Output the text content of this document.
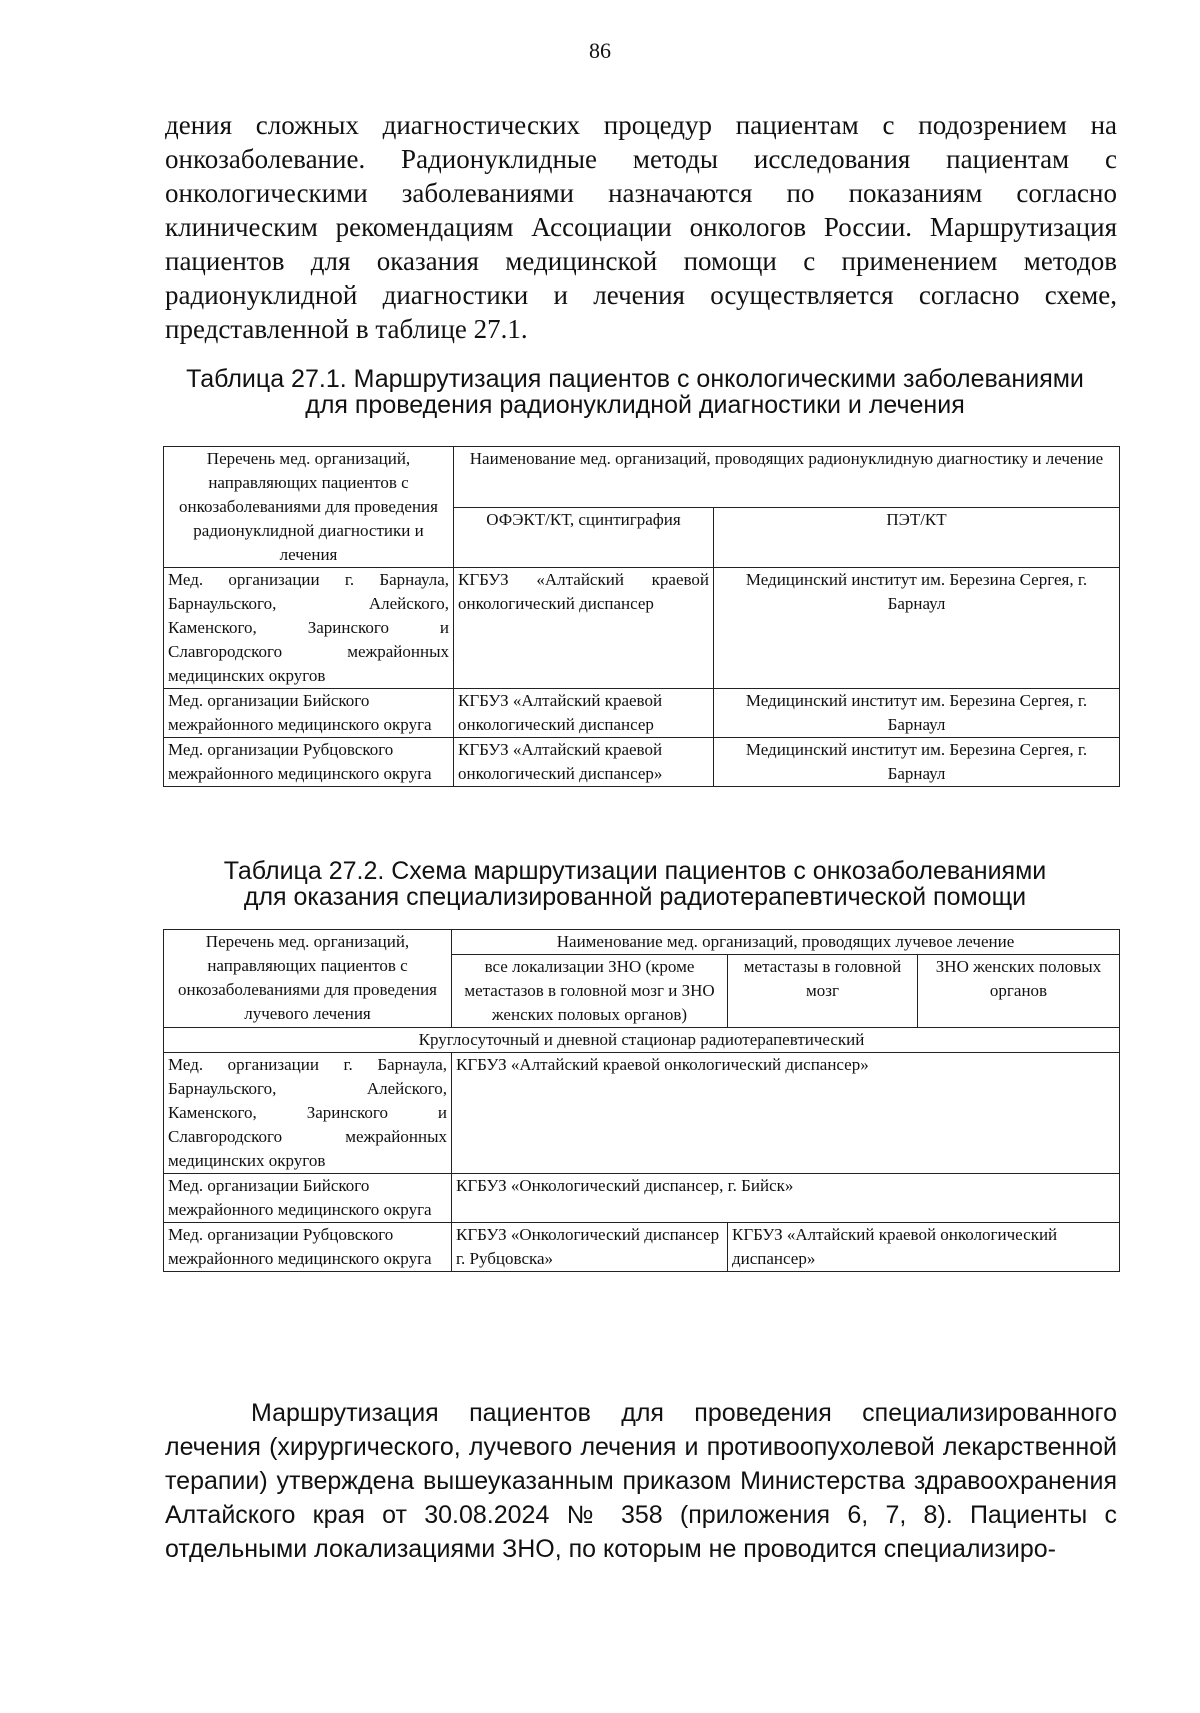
86

дения сложных диагностических процедур пациентам с подозрением на онкозаболевание. Радионуклидные методы исследования пациентам с онкологическими заболеваниями назначаются по показаниям согласно клиническим рекомендациям Ассоциации онкологов России. Маршрутизация пациентов для оказания медицинской помощи с применением методов радионуклидной диагностики и лечения осуществляется согласно схеме, представленной в таблице 27.1.

Таблица 27.1. Маршрутизация пациентов с онкологическими заболеваниями
для проведения радионуклидной диагностики и лечения
Перечень мед. организаций, направляющих пациентов с онкозаболеваниями для проведения радионуклидной диагностики и лечения	Наименование мед. организаций, проводящих радионуклидную диагностику и лечение	
	ОФЭКТ/КТ, сцинтиграфия	ПЭТ/КТ
Мед. организации г. Барнаула, Барнаульского, Алейского, Каменского, Заринского и Славгородского межрайонных медицинских округов	КГБУЗ «Алтайский краевой онкологический диспансер	Медицинский институт им. Березина Сергея, г. Барнаул
Мед. организации Бийского межрайонного медицинского округа	КГБУЗ «Алтайский краевой онкологический диспансер	Медицинский институт им. Березина Сергея, г. Барнаул
Мед. организации Рубцовского межрайонного медицинского округа	КГБУЗ «Алтайский краевой онкологический диспансер»	Медицинский институт им. Березина Сергея, г. Барнаул
Таблица 27.2. Схема маршрутизации пациентов с онкозаболеваниями
для оказания специализированной радиотерапевтической помощи
Перечень мед. организаций, направляющих пациентов с онкозаболеваниями для проведения лучевого лечения	Наименование мед. организаций, проводящих лучевое лечение		
	все локализации ЗНО (кроме метастазов в головной мозг и ЗНО женских половых органов)	метастазы в головной мозг	ЗНО женских половых органов
Круглосуточный и дневной стационар радиотерапевтический			
Мед. организации г. Барнаула, Барнаульского, Алейского, Каменского, Заринского и Славгородского межрайонных медицинских округов	КГБУЗ «Алтайский краевой онкологический диспансер»		
Мед. организации Бийского межрайонного медицинского округа	КГБУЗ «Онкологический диспансер, г. Бийск»		
Мед. организации Рубцовского межрайонного медицинского округа	КГБУЗ «Онкологический диспансер г. Рубцовска»	КГБУЗ «Алтайский краевой онкологический диспансер»	

Маршрутизация пациентов для проведения специализированного лечения (хирургического, лучевого лечения и противоопухолевой лекарственной терапии) утверждена вышеуказанным приказом Министерства здравоохранения Алтайского края от 30.08.2024 № 358 (приложения 6, 7, 8). Пациенты с отдельными локализациями ЗНО, по которым не проводится специализиро-
